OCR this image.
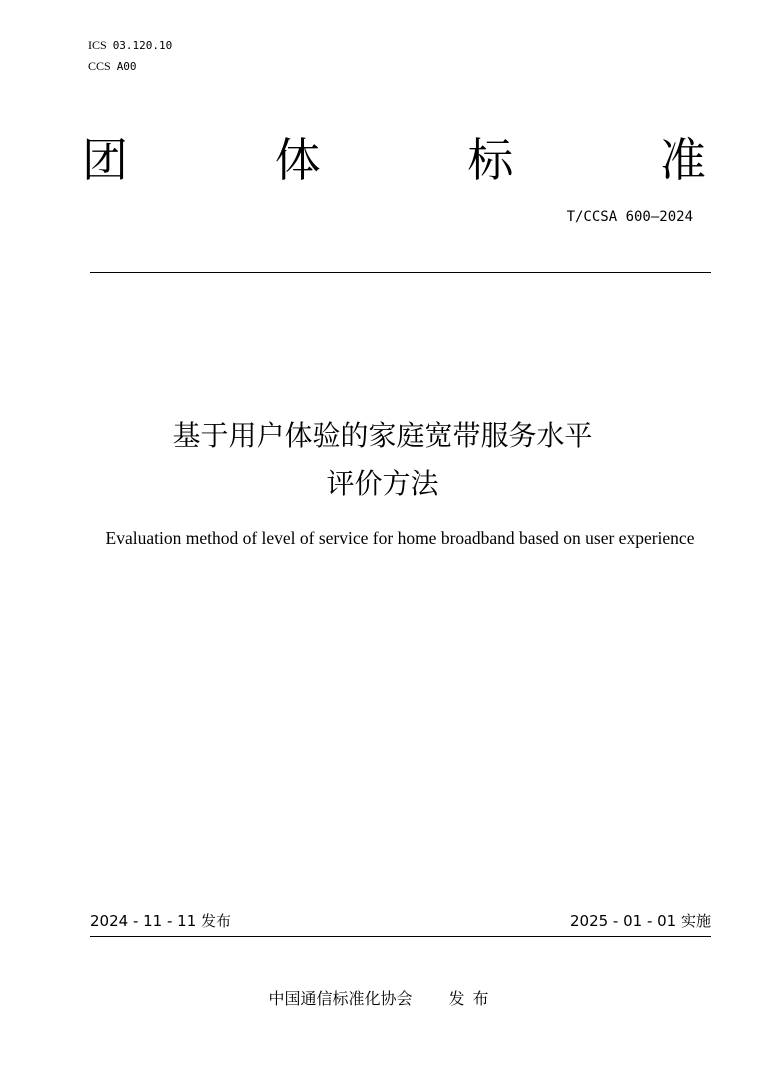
ICS 03.120.10
CCS A00
团	体	标	准
T/CCSA 600—2024
基于用户体验的家庭宽带服务水平
评价方法
Evaluation method of level of service for home broadband based on user experience
2024 - 11 - 11 发布	2025 - 01 - 01 实施
中国通信标准化协会 发布
